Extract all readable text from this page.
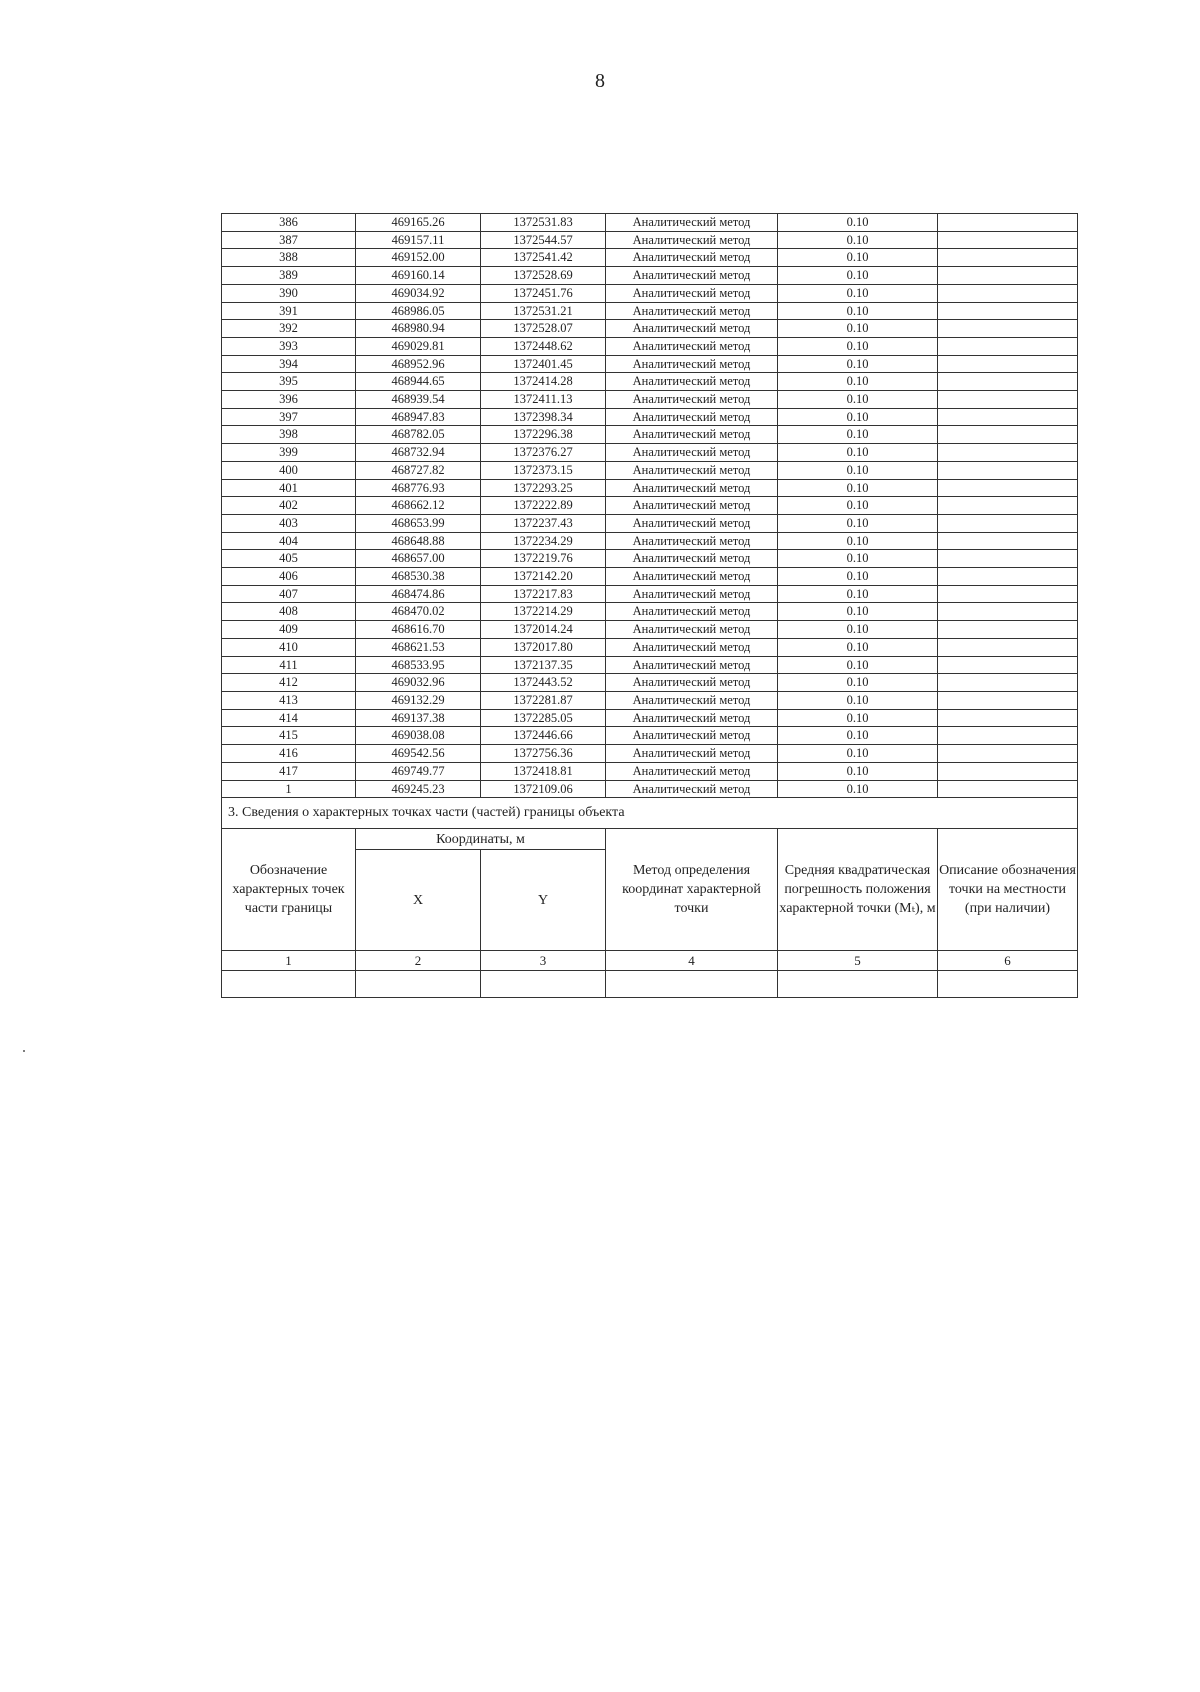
8
386	469165.26	1372531.83	Аналитический метод	0.10	
387	469157.11	1372544.57	Аналитический метод	0.10	
388	469152.00	1372541.42	Аналитический метод	0.10	
389	469160.14	1372528.69	Аналитический метод	0.10	
390	469034.92	1372451.76	Аналитический метод	0.10	
391	468986.05	1372531.21	Аналитический метод	0.10	
392	468980.94	1372528.07	Аналитический метод	0.10	
393	469029.81	1372448.62	Аналитический метод	0.10	
394	468952.96	1372401.45	Аналитический метод	0.10	
395	468944.65	1372414.28	Аналитический метод	0.10	
396	468939.54	1372411.13	Аналитический метод	0.10	
397	468947.83	1372398.34	Аналитический метод	0.10	
398	468782.05	1372296.38	Аналитический метод	0.10	
399	468732.94	1372376.27	Аналитический метод	0.10	
400	468727.82	1372373.15	Аналитический метод	0.10	
401	468776.93	1372293.25	Аналитический метод	0.10	
402	468662.12	1372222.89	Аналитический метод	0.10	
403	468653.99	1372237.43	Аналитический метод	0.10	
404	468648.88	1372234.29	Аналитический метод	0.10	
405	468657.00	1372219.76	Аналитический метод	0.10	
406	468530.38	1372142.20	Аналитический метод	0.10	
407	468474.86	1372217.83	Аналитический метод	0.10	
408	468470.02	1372214.29	Аналитический метод	0.10	
409	468616.70	1372014.24	Аналитический метод	0.10	
410	468621.53	1372017.80	Аналитический метод	0.10	
411	468533.95	1372137.35	Аналитический метод	0.10	
412	469032.96	1372443.52	Аналитический метод	0.10	
413	469132.29	1372281.87	Аналитический метод	0.10	
414	469137.38	1372285.05	Аналитический метод	0.10	
415	469038.08	1372446.66	Аналитический метод	0.10	
416	469542.56	1372756.36	Аналитический метод	0.10	
417	469749.77	1372418.81	Аналитический метод	0.10	
1	469245.23	1372109.06	Аналитический метод	0.10	
3. Сведения о характерных точках части (частей) границы объекта					
Обозначение характерных точек части границы	Координаты, м		Метод определения координат характерной точки	Средняя квадратическая погрешность положения характерной точки (Mₜ), м	Описание обозначения точки на местности (при наличии)
	X	Y			
1	2	3	4	5	6
